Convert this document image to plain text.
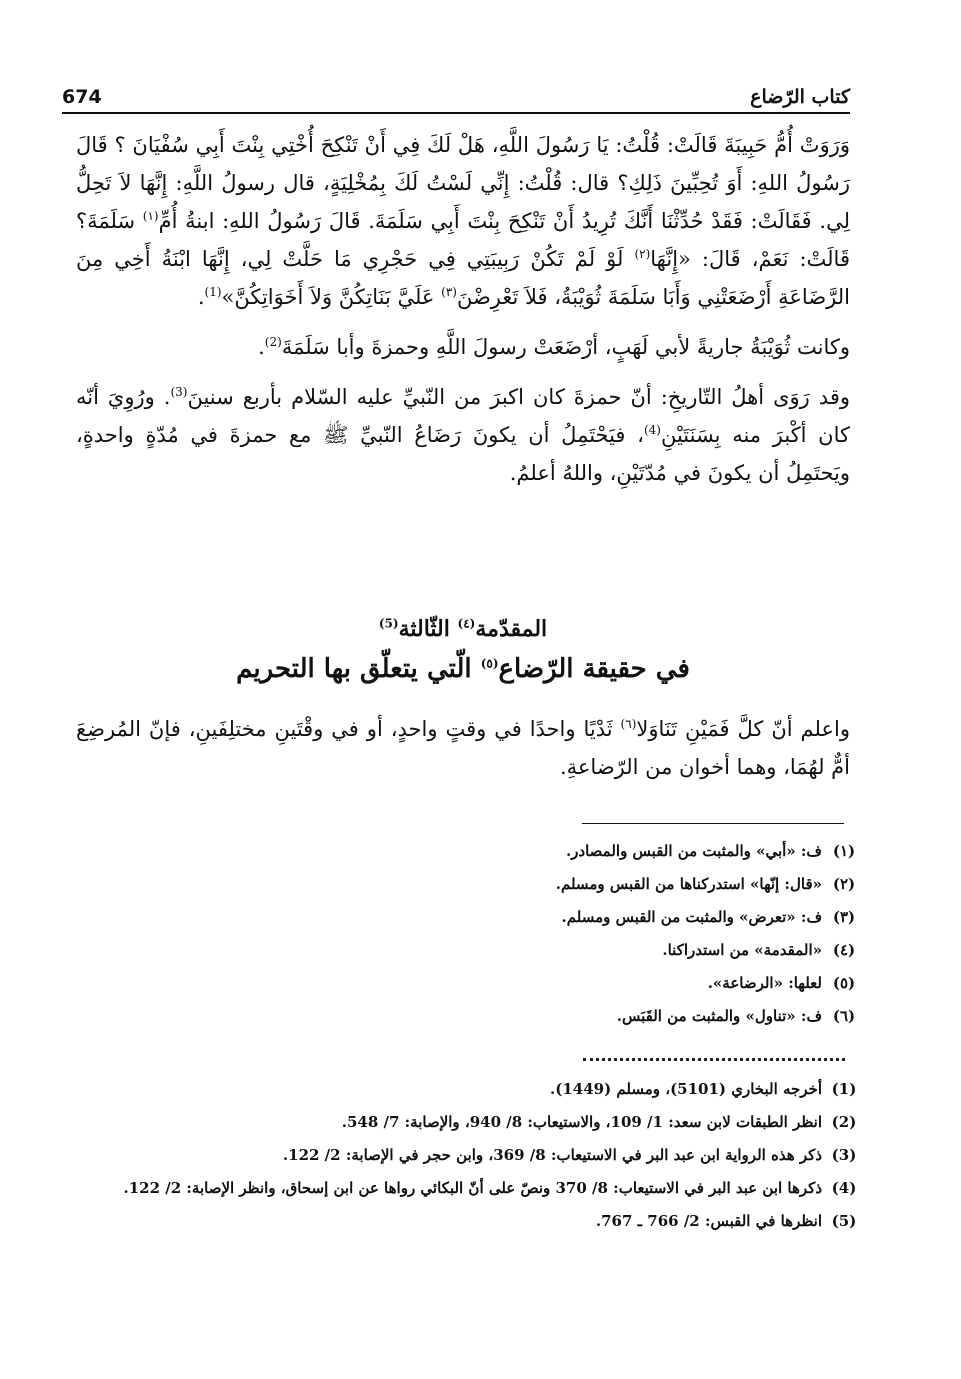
674	كتاب الرّضاع

وَرَوَتْ أُمُّ حَبِيبَةَ قَالَتْ: قُلْتُ: يَا رَسُولَ اللَّهِ، هَلْ لَكَ فِي أَنْ تَنْكِحَ أُخْتِي بِنْتَ أَبِي سُفْيَانَ ؟ قَالَ رَسُولُ اللهِ: أَوَ تُحِبِّينَ ذَلِكِ؟ قال: قُلْتُ: إِنِّي لَسْتُ لَكَ بِمُخْلِيَةٍ، قال رسولُ اللَّهِ: إِنَّهَا لاَ تَحِلُّ لِي. فَقَالَتْ: فَقَدْ حُدِّثْنَا أَنَّكَ تُرِيدُ أَنْ تَنْكِحَ بِنْتَ أَبِي سَلَمَةَ. قَالَ رَسُولُ اللهِ: ابنةُ أُمِّ$^{(١)}$ سَلَمَةَ؟ قَالَتْ: نَعَمْ، قَالَ: «إِنَّهَا$^{(٢)}$ لَوْ لَمْ تَكُنْ رَبِيبَتِي فِي حَجْرِي مَا حَلَّتْ لِي، إِنَّهَا ابْنَةُ أَخِي مِنَ الرَّضَاعَةِ أَرْضَعَتْنِي وَأَبَا سَلَمَةَ ثُوَيْبَةُ، فَلاَ تَعْرِضْنَ$^{(٣)}$ عَلَيَّ بَنَاتِكُنَّ وَلاَ أَخَوَاتِكُنَّ»$^{(1)}$.

وكانت ثُوَيْبَةُ جاريةً لأبي لَهَبٍ، أرْضَعَتْ رسولَ اللَّهِ وحمزةَ وأبا سَلَمَةَ$^{(2)}$.

وقد رَوَى أهلُ التّاريخِ: أنّ حمزةَ كان اكبرَ من النّبيِّ عليه السّلام بأربع سنينَ$^{(3)}$. ورُوِيَ أنّه كان أكْبرَ منه بِسَنَتَيْنِ$^{(4)}$، فيَحْتَمِلُ أن يكونَ رَضَاعُ النّبيِّ ﷺ مع حمزةَ في مُدّةٍ واحدةٍ، ويَحتَمِلُ أن يكونَ في مُدّتَيْنِ، واللهُ أعلمُ.

المقدّمة$^{(٤)}$ الثّالثة$^{(5)}$
في حقيقة الرّضاع$^{(٥)}$ الّتي يتعلّق بها التحريم

واعلم أنّ كلَّ فَمَيْنِ تَنَاوَلا$^{(٦)}$ ثَدْيًا واحدًا في وقتٍ واحدٍ، أو في وقْتَينِ مختلِفَينِ، فإنّ المُرضِعَ أمٌّ لهُمَا، وهما أخوان من الرّضاعةِ.

(١)
ف: «أبي» والمثبت من القبس والمصادر.
(٢)
«قال: إنّها» استدركناها من القبس ومسلم.
(٣)
ف: «تعرض» والمثبت من القبس ومسلم.
(٤)
«المقدمة» من استدراكنا.
(٥)
لعلها: «الرضاعة».
(٦)
ف: «تناول» والمثبت من القَبَس.
(1)
أخرجه البخاري (5101)، ومسلم (1449).
(2)
انظر الطبقات لابن سعد: 1/ 109، والاستيعاب: 8/ 940، والإصابة: 7/ 548.
(3)
ذكر هذه الرواية ابن عبد البر في الاستيعاب: 8/ 369، وابن حجر في الإصابة: 2/ 122.
(4)
ذكرها ابن عبد البر في الاستيعاب: 8/ 370 ونصّ على أنّ البكائي رواها عن ابن إسحاق، وانظر الإصابة: 2/ 122.
(5)
انظرها في القبس: 2/ 766 ـ 767.
